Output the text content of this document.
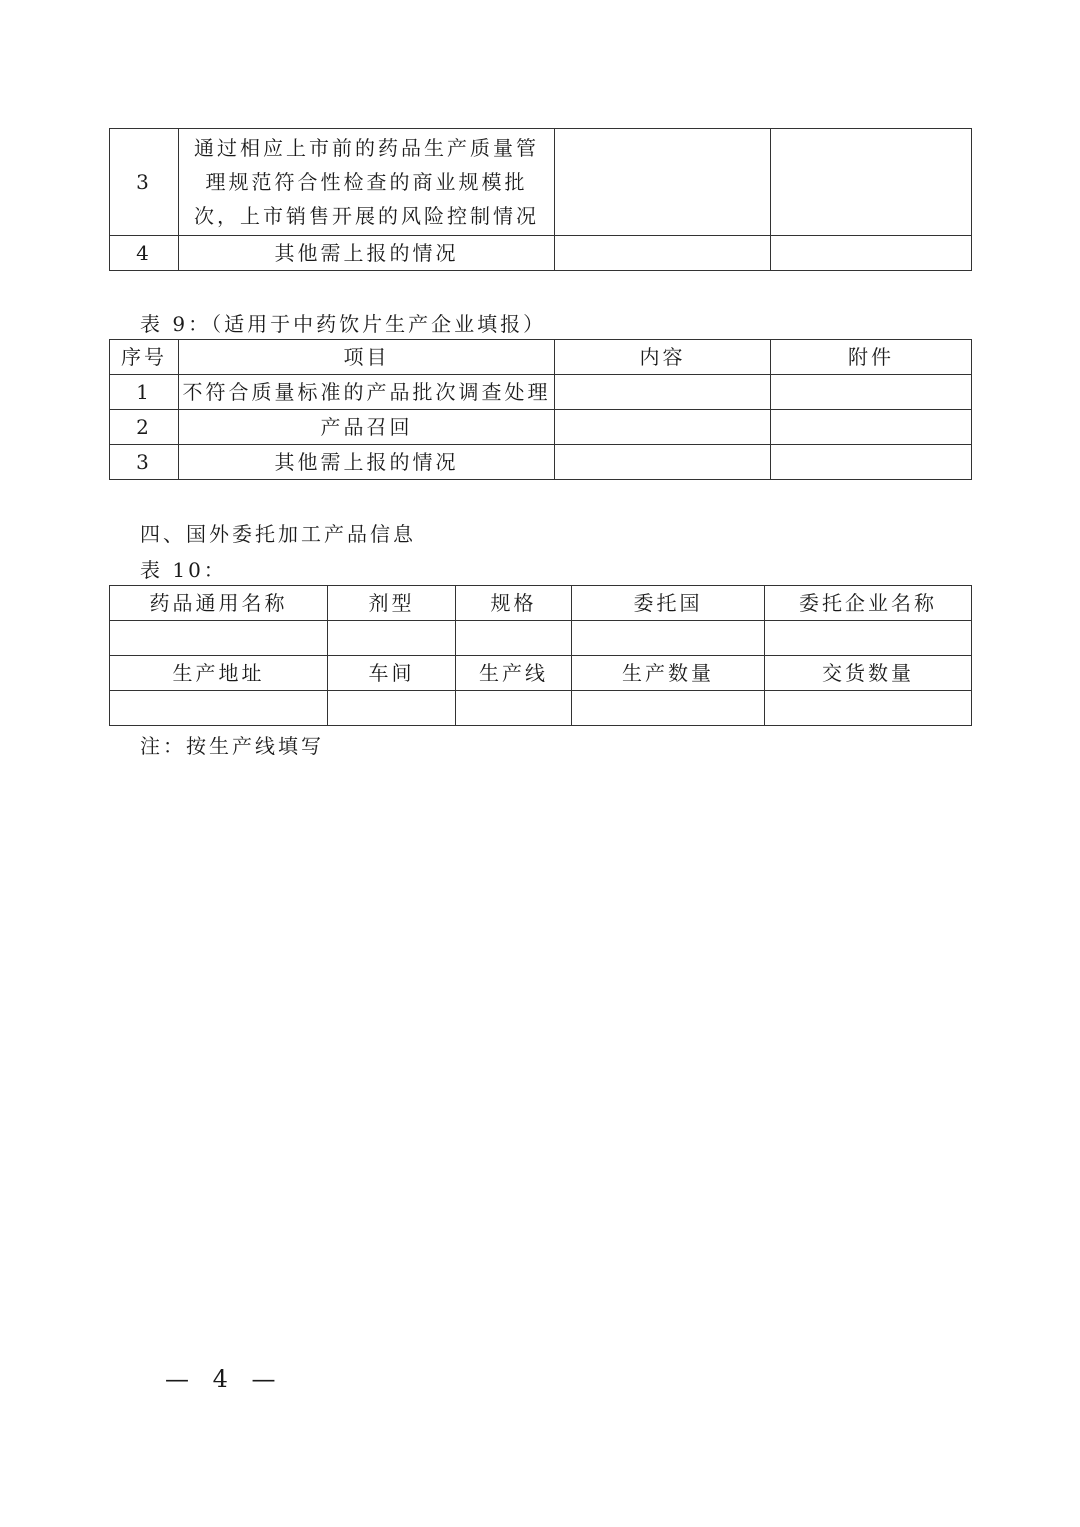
3	通过相应上市前的药品生产质量管理规范符合性检查的商业规模批次，上市销售开展的风险控制情况		
4	其他需上报的情况		
表 9：（适用于中药饮片生产企业填报）
序号	项目	内容	附件
1	不符合质量标准的产品批次调查处理		
2	产品召回		
3	其他需上报的情况		
四、国外委托加工产品信息
表 10：
药品通用名称	剂型	规格	委托国	委托企业名称

生产地址	车间	生产线	生产数量	交货数量

注：按生产线填写
— 4 —
